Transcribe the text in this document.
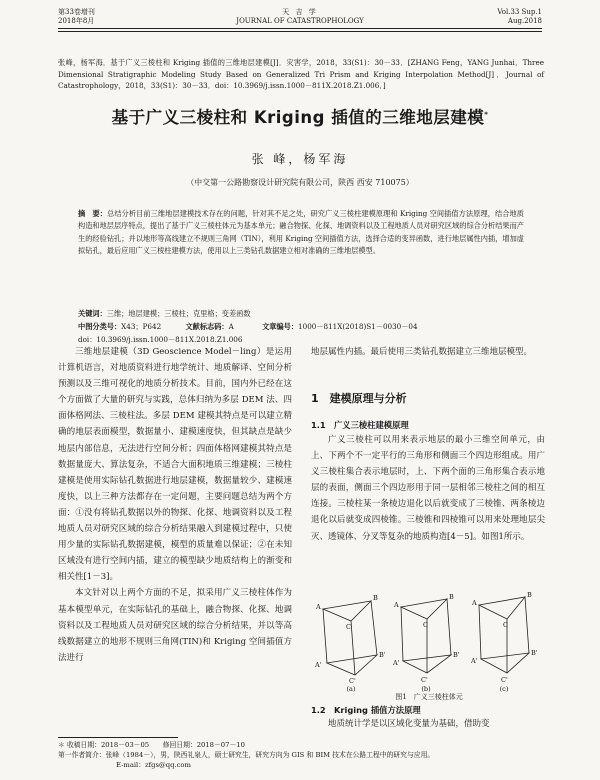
第33卷增刊
2018年8月
天 吉 学
JOURNAL OF CATASTROPHOLOGY
Vol.33 Sup.1
Aug.2018
张峰，杨军海．基于广义三棱柱和 Kriging 插值的三维地层建模[J]．灾害学，2018，33(S1)：30－33．[ZHANG Feng，YANG Junhai．Three Dimensional Stratigraphic Modeling Study Based on Generalized Tri Prism and Kriging Interpolation Method[J]．Journal of Catastrophology，2018，33(S1)：30－33．doi：10.3969/j.issn.1000－811X.2018.Z1.006．]
基于广义三棱柱和 Kriging 插值的三维地层建模*
张 峰，杨军海
（中交第一公路勘察设计研究院有限公司，陕西 西安 710075）
摘　要：总结分析目前三维地层建模技术存在的问题，针对其不足之处，研究广义三棱柱建模原理和 Kriging 空间插值方法原理，结合地质构造和地层层序特点，提出了基于广义三棱柱体元为基本单元；融合物探、化探、地调资料以及工程地质人员对研究区域的综合分析结果而产生的经验钻孔；并以地形等高线建立不规则三角网（TIN），利用 Kriging 空间插值方法，选择合适的变异函数，进行地层属性内插，增加虚拟钻孔，最后应用广义三棱柱建模方法，使用以上三类钻孔数据建立相对准确的三维地层模型。
关键词：三维；地层建模；三棱柱；克里格；变差函数
中图分类号：X43；P642	文献标志码：A	文章编号：1000－811X(2018)S1－0030－04
doi：10.3969/j.issn.1000－811X.2018.Z1.006

三维地层建模（3D Geoscience Model－ling）是运用计算机语言，对地质资料进行地学统计、地质解译、空间分析预测以及三维可视化的地质分析技术。目前，国内外已经在这个方面做了大量的研究与实践，总体归纳为多层 DEM 法、四面体格网法、三棱柱法。多层 DEM 建模其特点是可以建立精确的地层表面模型，数据量小、建模速度快，但其缺点是缺少地层内部信息，无法进行空间分析；四面体格网建模其特点是数据量庞大、算法复杂，不适合大面积地质三维建模；三棱柱建模是使用实际钻孔数据进行地层建模，数据量较少、建模速度快，以上三种方法都存在一定问题，主要问题总结为两个方面：①没有将钻孔数据以外的物探、化探、地调资料以及工程地质人员对研究区域的综合分析结果融入到建模过程中，只使用少量的实际钻孔数据建模，模型的质量难以保证；②在未知区域没有进行空间内插，建立的模型缺少地质结构上的渐变和相关性[1－3]。

本文针对以上两个方面的不足，拟采用广义三棱柱体作为基本模型单元，在实际钻孔的基础上，融合物探、化探、地调资料以及工程地质人员对研究区域的综合分析结果，并以等高线数据建立的地形不规则三角网(TIN)和 Kriging 空间插值方法进行

地层属性内插。最后使用三类钻孔数据建立三维地层模型。

1　建模原理与分析
1.1　广义三棱柱建模原理

广义三棱柱可以用来表示地层的最小三维空间单元，由上、下两个不一定平行的三角形和侧面三个四边形组成。用广义三棱柱集合表示地层时，上、下两个面的三角形集合表示地层的表面，侧面三个四边形用于同一层相邻三棱柱之间的相互连接。三棱柱某一条棱边退化以后就变成了三棱锥、两条棱边退化以后就变成四棱锥。三棱锥和四棱锥可以用来处理地层尖灭、透镜体、分叉等复杂的地质构造[4－5]。如图1所示。

A
B
C
A'
B'
C'
A
B
C
A'
B'
C'
A
B
C
A'
B'
C'
(a)	(b)	(c)
图1　广义三棱柱体元
1.2　Kriging 插值方法原理

地质统计学是以区域化变量为基础，借助变

＊ 收稿日期：2018－03－05　　修回日期：2018－07－10
第一作者简介：张峰（1984－），男，陕西礼泉人，硕士研究生，研究方向为 GIS 和 BIM 技术在公路工程中的研究与应用。
E-mail：zfgs@qq.com
